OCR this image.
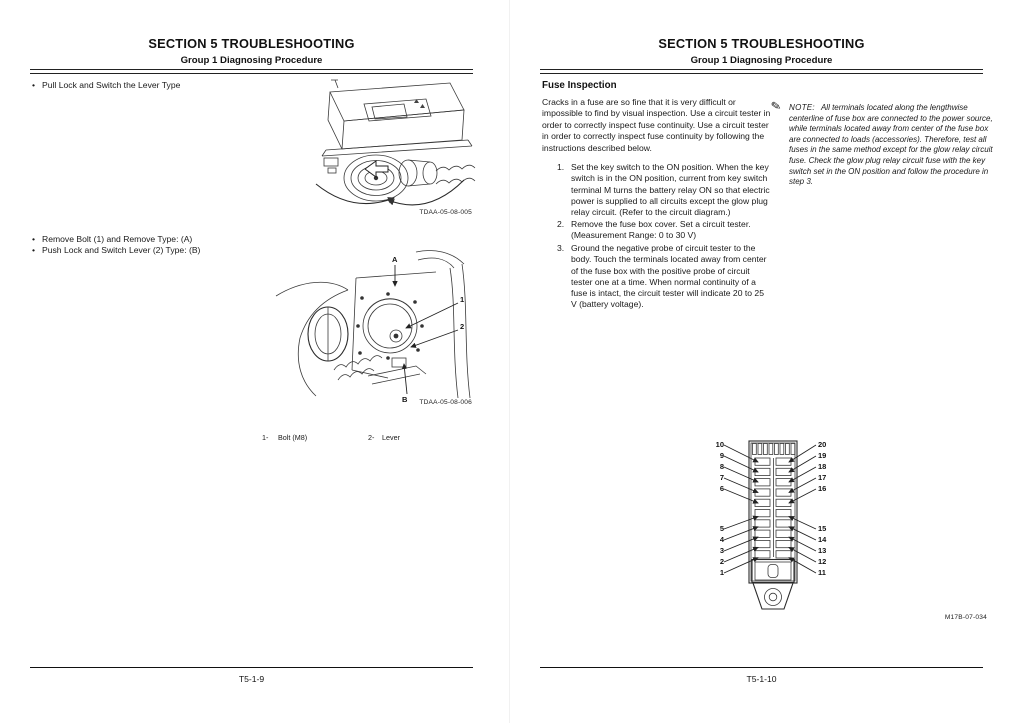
SECTION 5 TROUBLESHOOTING
Group 1 Diagnosing Procedure
• Pull Lock and Switch the Lever Type
TDAA-05-08-005
• Remove Bolt (1) and Remove Type: (A)
• Push Lock and Switch Lever (2) Type: (B)
A
1
2
B	TDAA-05-08-006
1- Bolt (M8)	2- Lever
T5-1-9
SECTION 5 TROUBLESHOOTING
Group 1 Diagnosing Procedure
Fuse Inspection
Cracks in a fuse are so fine that it is very difficult or impossible to find by visual inspection. Use a circuit tester in order to correctly inspect fuse continuity. Use a circuit tester in order to correctly inspect fuse continuity by following the instructions described below.
1. Set the key switch to the ON position. When the key switch is in the ON position, current from key switch terminal M turns the battery relay ON so that electric power is supplied to all circuits except the glow plug relay circuit. (Refer to the circuit diagram.)
2. Remove the fuse box cover. Set a circuit tester. (Measurement Range: 0 to 30 V)
3. Ground the negative probe of circuit tester to the body. Touch the terminals located away from center of the fuse box with the positive probe of circuit tester one at a time. When normal continuity of a fuse is intact, the circuit tester will indicate 20 to 25 V (battery voltage).
✎ NOTE: All terminals located along the lengthwise centerline of fuse box are connected to the power source, while terminals located away from center of the fuse box are connected to loads (accessories). Therefore, test all fuses in the same method except for the glow relay circuit fuse. Check the glow plug relay circuit fuse with the key switch set in the ON position and follow the procedure in step 3.
10
9
8
7
6
5
4
3
2
1
20
19
18
17
16
15
14
13
12
11
M17B-07-034
T5-1-10
